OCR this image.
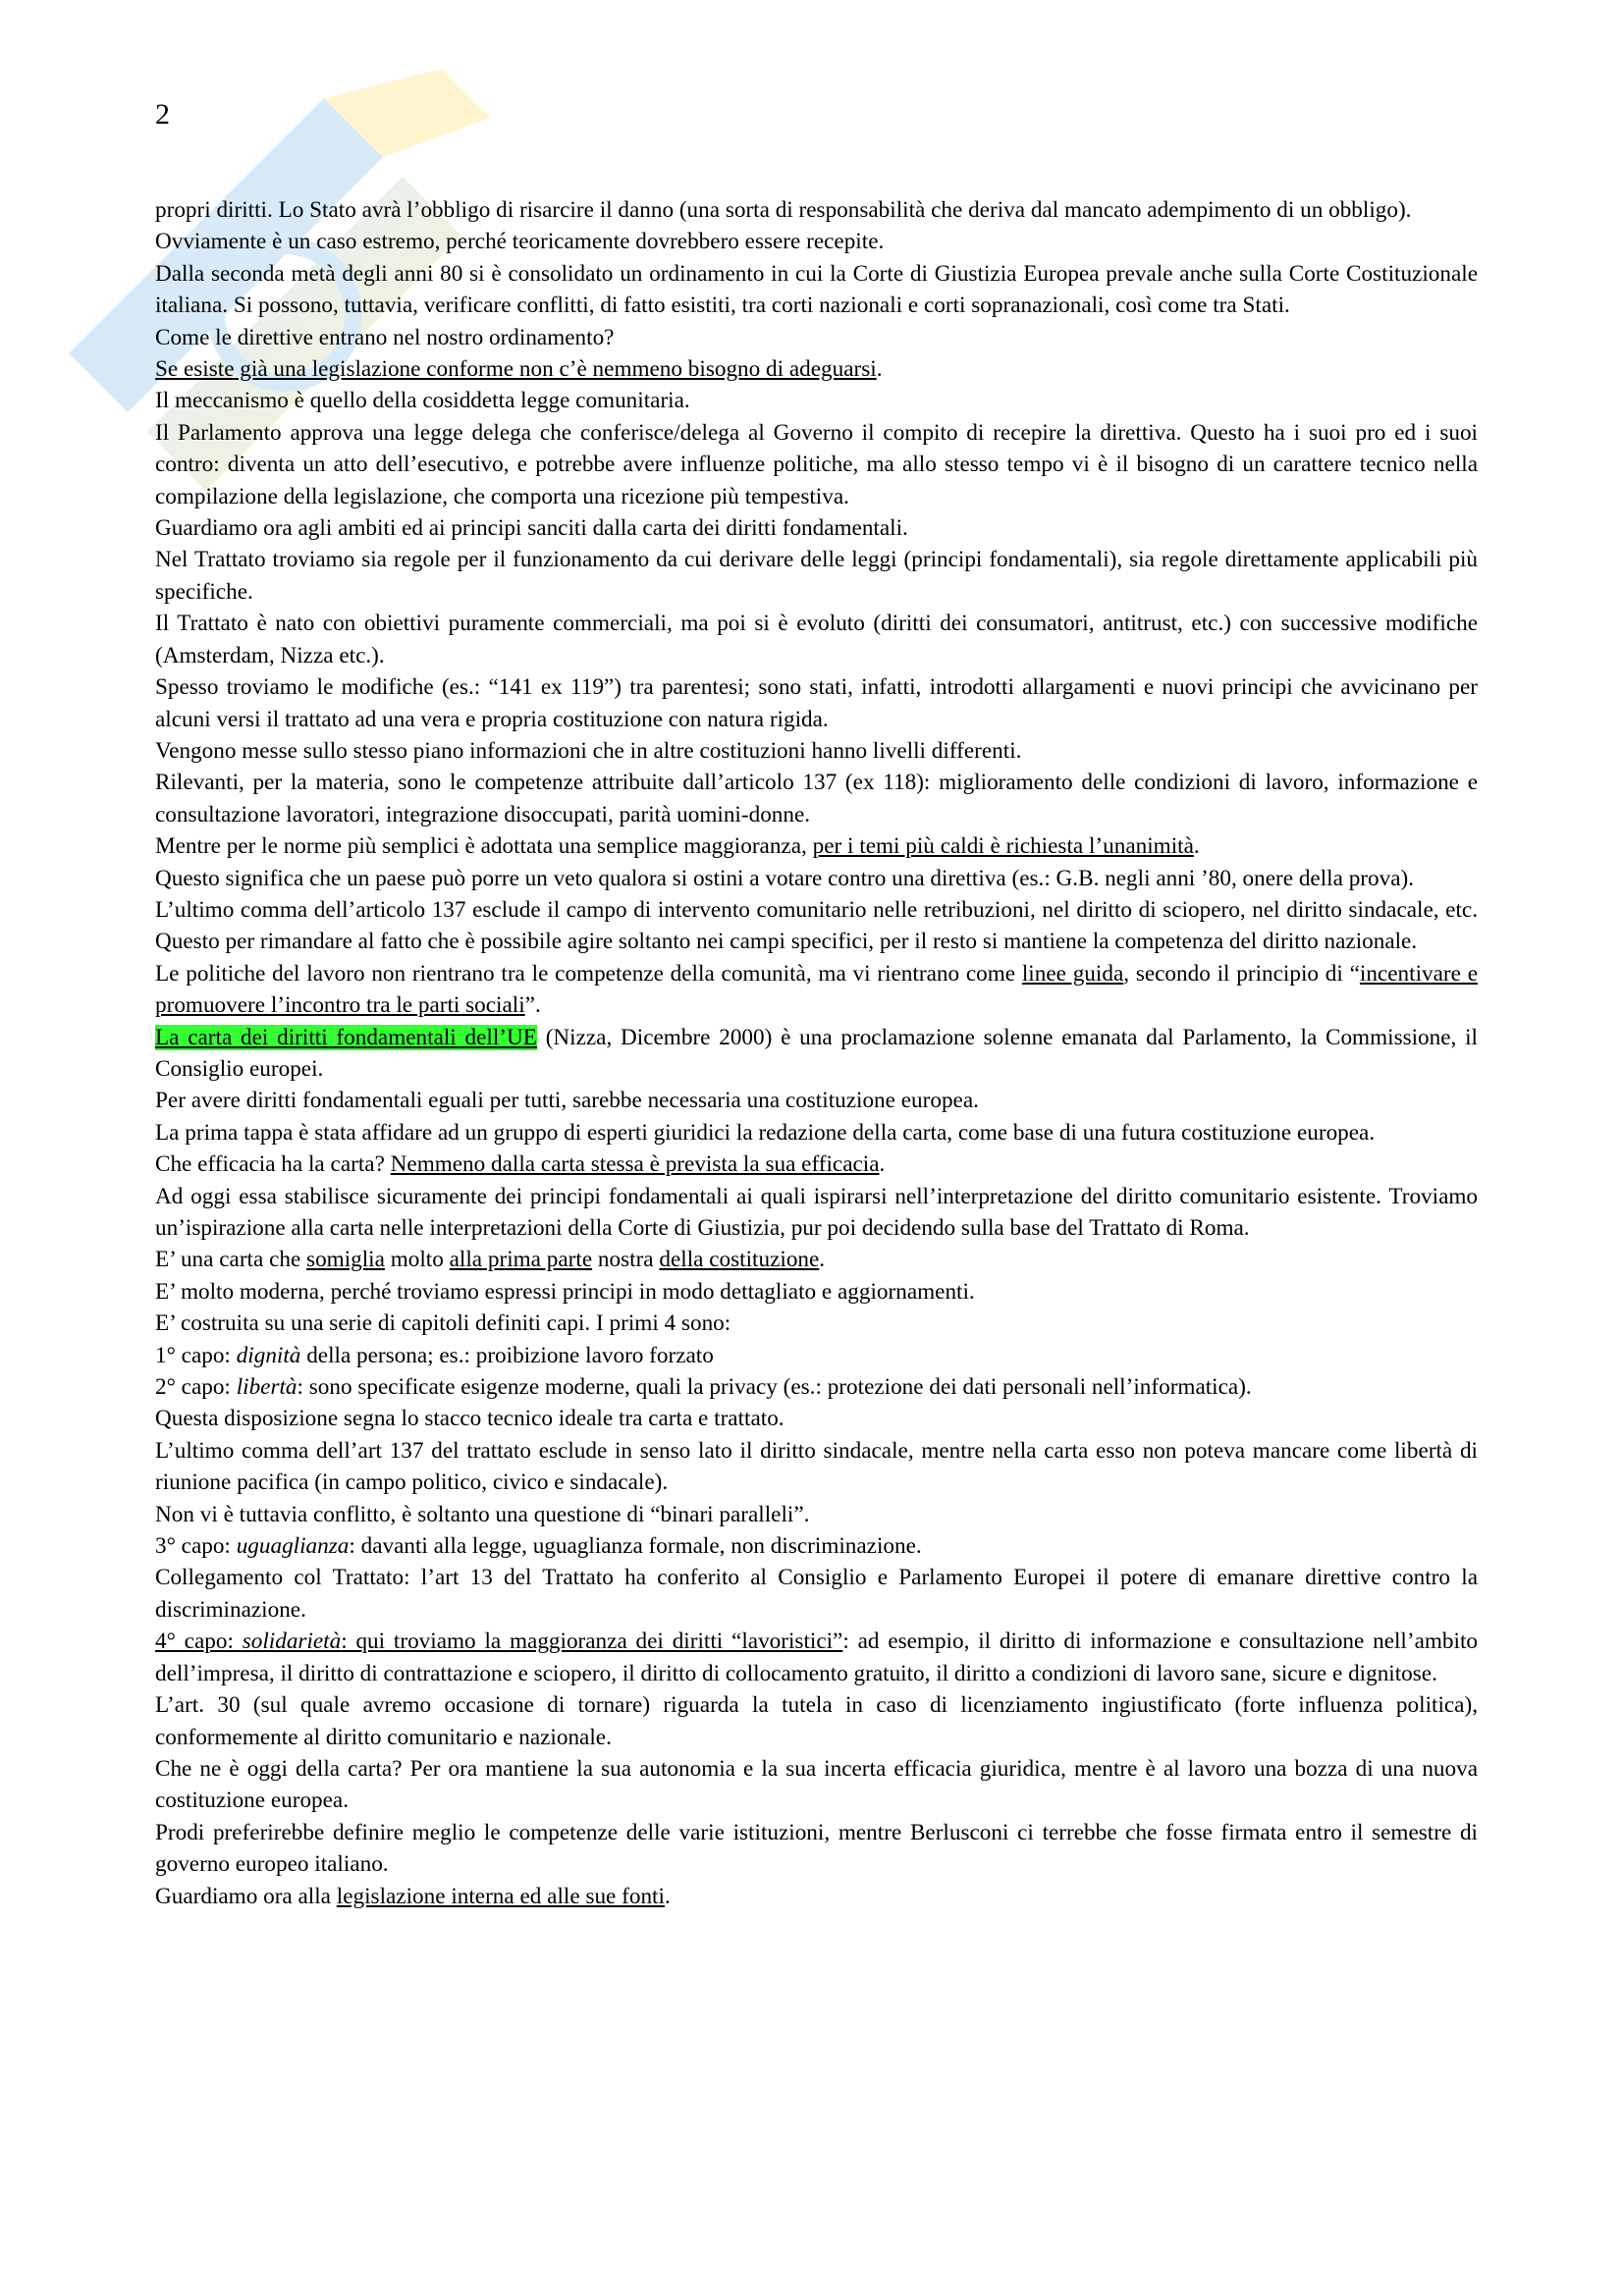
2

propri diritti. Lo Stato avrà l’obbligo di risarcire il danno (una sorta di responsabilità che deriva dal mancato adempimento di un obbligo).

Ovviamente è un caso estremo, perché teoricamente dovrebbero essere recepite.

Dalla seconda metà degli anni 80 si è consolidato un ordinamento in cui la Corte di Giustizia Europea prevale anche sulla Corte Costituzionale italiana. Si possono, tuttavia, verificare conflitti, di fatto esistiti, tra corti nazionali e corti sopranazionali, così come tra Stati.

Come le direttive entrano nel nostro ordinamento?

Se esiste già una legislazione conforme non c’è nemmeno bisogno di adeguarsi.

Il meccanismo è quello della cosiddetta legge comunitaria.

Il Parlamento approva una legge delega che conferisce/delega al Governo il compito di recepire la direttiva. Questo ha i suoi pro ed i suoi contro: diventa un atto dell’esecutivo, e potrebbe avere influenze politiche, ma allo stesso tempo vi è il bisogno di un carattere tecnico nella compilazione della legislazione, che comporta una ricezione più tempestiva.

Guardiamo ora agli ambiti ed ai principi sanciti dalla carta dei diritti fondamentali.

Nel Trattato troviamo sia regole per il funzionamento da cui derivare delle leggi (principi fondamentali), sia regole direttamente applicabili più specifiche.

Il Trattato è nato con obiettivi puramente commerciali, ma poi si è evoluto (diritti dei consumatori, antitrust, etc.) con successive modifiche (Amsterdam, Nizza etc.).

Spesso troviamo le modifiche (es.: “141 ex 119”) tra parentesi; sono stati, infatti, introdotti allargamenti e nuovi principi che avvicinano per alcuni versi il trattato ad una vera e propria costituzione con natura rigida.

Vengono messe sullo stesso piano informazioni che in altre costituzioni hanno livelli differenti.

Rilevanti, per la materia, sono le competenze attribuite dall’articolo 137 (ex 118): miglioramento delle condizioni di lavoro, informazione e consultazione lavoratori, integrazione disoccupati, parità uomini-donne.

Mentre per le norme più semplici è adottata una semplice maggioranza, per i temi più caldi è richiesta l’unanimità.

Questo significa che un paese può porre un veto qualora si ostini a votare contro una direttiva (es.: G.B. negli anni ’80, onere della prova).

L’ultimo comma dell’articolo 137 esclude il campo di intervento comunitario nelle retribuzioni, nel diritto di sciopero, nel diritto sindacale, etc. Questo per rimandare al fatto che è possibile agire soltanto nei campi specifici, per il resto si mantiene la competenza del diritto nazionale.

Le politiche del lavoro non rientrano tra le competenze della comunità, ma vi rientrano come linee guida, secondo il principio di “incentivare e promuovere l’incontro tra le parti sociali”.

La carta dei diritti fondamentali dell’UE (Nizza, Dicembre 2000) è una proclamazione solenne emanata dal Parlamento, la Commissione, il Consiglio europei.

Per avere diritti fondamentali eguali per tutti, sarebbe necessaria una costituzione europea.

La prima tappa è stata affidare ad un gruppo di esperti giuridici la redazione della carta, come base di una futura costituzione europea.

Che efficacia ha la carta? Nemmeno dalla carta stessa è prevista la sua efficacia.

Ad oggi essa stabilisce sicuramente dei principi fondamentali ai quali ispirarsi nell’interpretazione del diritto comunitario esistente. Troviamo un’ispirazione alla carta nelle interpretazioni della Corte di Giustizia, pur poi decidendo sulla base del Trattato di Roma.

E’ una carta che somiglia molto alla prima parte nostra della costituzione.

E’ molto moderna, perché troviamo espressi principi in modo dettagliato e aggiornamenti.

E’ costruita su una serie di capitoli definiti capi. I primi 4 sono:

1° capo: dignità della persona; es.: proibizione lavoro forzato

2° capo: libertà: sono specificate esigenze moderne, quali la privacy (es.: protezione dei dati personali nell’informatica).

Questa disposizione segna lo stacco tecnico ideale tra carta e trattato.

L’ultimo comma dell’art 137 del trattato esclude in senso lato il diritto sindacale, mentre nella carta esso non poteva mancare come libertà di riunione pacifica (in campo politico, civico e sindacale).

Non vi è tuttavia conflitto, è soltanto una questione di “binari paralleli”.

3° capo: uguaglianza: davanti alla legge, uguaglianza formale, non discriminazione.

Collegamento col Trattato: l’art 13 del Trattato ha conferito al Consiglio e Parlamento Europei il potere di emanare direttive contro la discriminazione.

4° capo: solidarietà: qui troviamo la maggioranza dei diritti “lavoristici”: ad esempio, il diritto di informazione e consultazione nell’ambito dell’impresa, il diritto di contrattazione e sciopero, il diritto di collocamento gratuito, il diritto a condizioni di lavoro sane, sicure e dignitose.

L’art. 30 (sul quale avremo occasione di tornare) riguarda la tutela in caso di licenziamento ingiustificato (forte influenza politica), conformemente al diritto comunitario e nazionale.

Che ne è oggi della carta? Per ora mantiene la sua autonomia e la sua incerta efficacia giuridica, mentre è al lavoro una bozza di una nuova costituzione europea.

Prodi preferirebbe definire meglio le competenze delle varie istituzioni, mentre Berlusconi ci terrebbe che fosse firmata entro il semestre di governo europeo italiano.

Guardiamo ora alla legislazione interna ed alle sue fonti.
